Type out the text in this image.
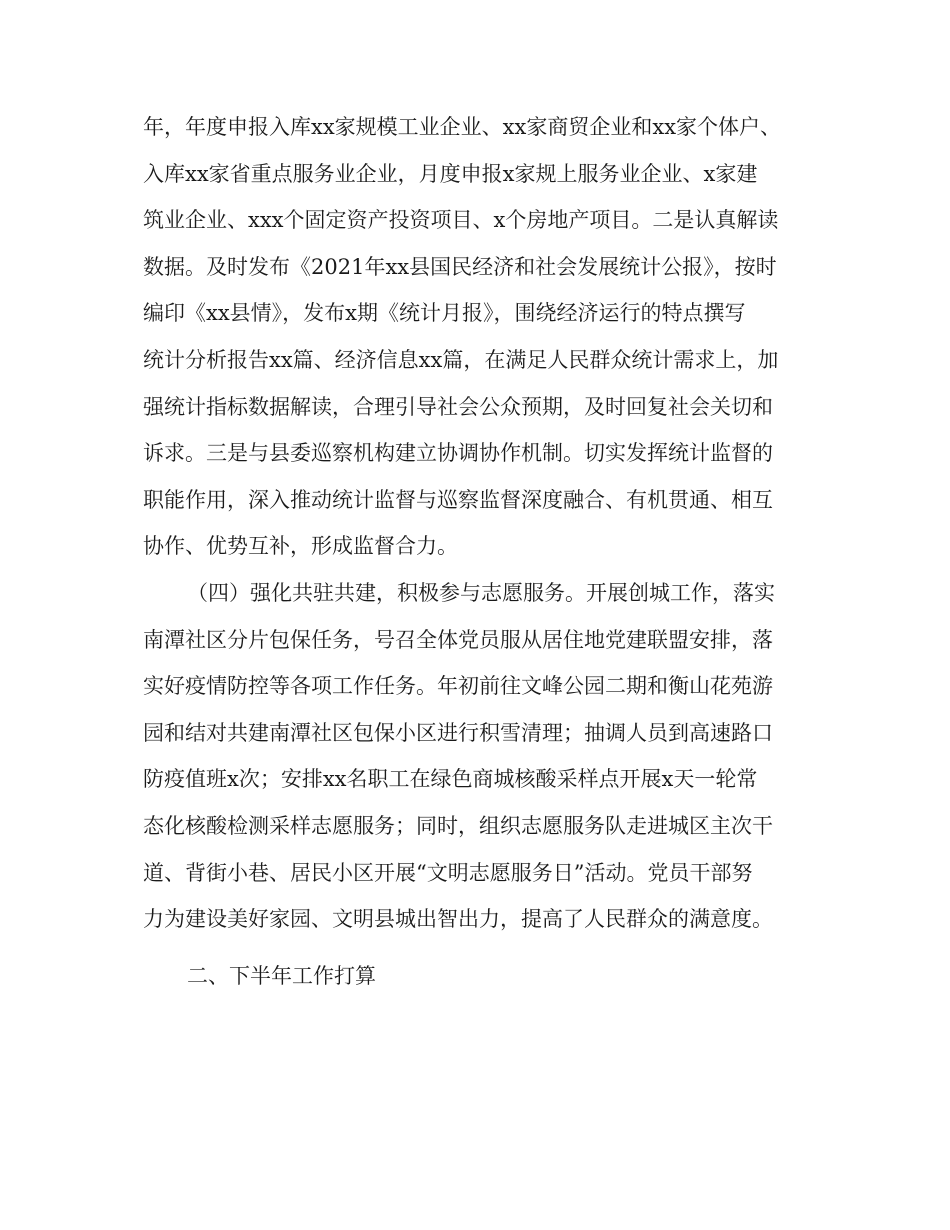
年，年度申报入库xx家规模工业企业、xx家商贸企业和xx家个体户、
入库xx家省重点服务业企业，月度申报x家规上服务业企业、x家建
筑业企业、xxx个固定资产投资项目、x个房地产项目。二是认真解读
数据。及时发布《2021年xx县国民经济和社会发展统计公报》，按时
编印《xx县情》，发布x期《统计月报》，围绕经济运行的特点撰写
统计分析报告xx篇、经济信息xx篇，在满足人民群众统计需求上，加
强统计指标数据解读，合理引导社会公众预期，及时回复社会关切和
诉求。三是与县委巡察机构建立协调协作机制。切实发挥统计监督的
职能作用，深入推动统计监督与巡察监督深度融合、有机贯通、相互
协作、优势互补，形成监督合力。
（四）强化共驻共建，积极参与志愿服务。开展创城工作，落实
南潭社区分片包保任务，号召全体党员服从居住地党建联盟安排，落
实好疫情防控等各项工作任务。年初前往文峰公园二期和衡山花苑游
园和结对共建南潭社区包保小区进行积雪清理；抽调人员到高速路口
防疫值班x次；安排xx名职工在绿色商城核酸采样点开展x天一轮常
态化核酸检测采样志愿服务；同时，组织志愿服务队走进城区主次干
道、背街小巷、居民小区开展“文明志愿服务日”活动。党员干部努
力为建设美好家园、文明县城出智出力，提高了人民群众的满意度。
二、下半年工作打算
